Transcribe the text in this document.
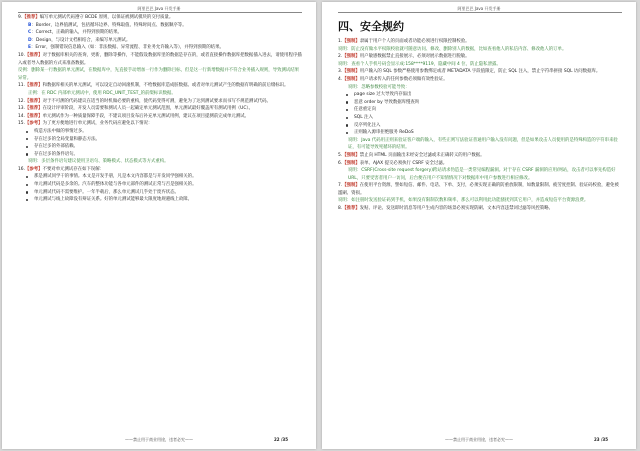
阿里巴巴 Java 开发手册

9.【推荐】编写单元测试代码遵守 BCDE 原则，以保证被测试模块的交付质量。

B：Border，边界值测试，包括循环边界、特殊取值、特殊时间点、数据顺序等。

C：Correct，正确的输入，并得到预期的结果。

D：Design，与设计文档相结合，来编写单元测试。

E：Error，强制错误信息输入（如：非法数据、异常流程、非业务允许输入等），并得到预期的结果。

10.【推荐】对于数据库相关的查询，更新，删除等操作，不能假设数据库里的数据是存在的，或者直接操作数据库把数据插入进去，请使用程序插入或者导入数据的方式来准备数据。

反例：删除某一行数据的单元测试，在数据库中，先直接手动增加一行作为删除目标，但是这一行新增数据并不符合业务插入规则，导致测试结果异常。

11.【推荐】和数据库相关的单元测试，可以设定自动回滚机制，不给数据库造成脏数据。或者对单元测试产生的数据有明确的前后缀标识。

正例：在 RDC 内部单元测试中，使用 RDC_UNIT_TEST_的前缀标识数据。

12.【推荐】对于不可测的代码建议在适当的时机做必要的重构，使代码变得可测，避免为了达到测试要求而书写不规范测试代码。

13.【推荐】在设计评审阶段，开发人员需要和测试人员一起确定单元测试范围，单元测试最好覆盖所有测试用例（UC）。

14.【推荐】单元测试作为一种质量保障手段，不建议项目发布后补充单元测试用例，建议在项目提测前完成单元测试。

15.【参考】为了更方便地进行单元测试，业务代码应避免以下情况：

构造方法中做的事情过多。

存在过多的全局变量和静态方法。

存在过多的外部依赖。

存在过多的条件语句。

说明：多层条件语句建议使用卫语句、策略模式、状态模式等方式重构。

16.【参考】不要对单元测试存在如下误解：

那是测试同学干的事情。本文是开发手册，凡是本文内容都是与开发同学强相关的。

单元测试代码是多余的。汽车的整体功能与各单元部件的测试正常与否是强相关的。

单元测试代码不需要维护。一年半载后，那么单元测试几乎处于废弃状态。

单元测试与线上故障没有辩证关系。好的单元测试能够最大限度地规避线上故障。

——禁止用于商业用途，违者必究——	22 /35
阿里巴巴 Java 开发手册
四、安全规约

1.【强制】隶属于用户个人的页面或者功能必须进行权限控制校验。

说明：防止没有做水平权限校验就可随意访问、修改、删除别人的数据，比如查看他人的私信内容、修改他人的订单。

2.【强制】用户敏感数据禁止直接展示，必须对展示数据进行脱敏。

说明：查看个人手机号码会显示成:158****9119，隐藏中间 4 位，防止隐私泄露。

3.【强制】用户输入的 SQL 参数严格使用参数绑定或者 METADATA 字段值限定，防止 SQL 注入，禁止字符串拼接 SQL 访问数据库。

4.【强制】用户请求传入的任何参数必须做有效性验证。

说明：忽略参数校验可能导致：

page size 过大导致内存溢出

恶意 order by 导致数据库慢查询

任意重定向

SQL 注入

反序列化注入

正则输入源串拒绝服务 ReDoS

说明：Java 代码用正则来验证客户端的输入，有些正则写法验证普通用户输入没有问题，但是如果攻击人员使用的是特殊构造的字符串来验证，有可能导致死循环的结果。

5.【强制】禁止向 HTML 页面输出未经安全过滤或未正确转义的用户数据。

6.【强制】表单、AJAX 提交必须执行 CSRF 安全过滤。

说明：CSRF(Cross-site request forgery)跨站请求伪造是一类常见编程漏洞。对于存在 CSRF 漏洞的应用/网站，攻击者可以事先构造好 URL，只要受害者用户一访问，后台便在用户不知情情况下对数据库中用户参数进行相应修改。

7.【强制】在使用平台资源，譬如短信、邮件、电话、下单、支付，必须实现正确的防重放限制，如数量限制、疲劳度控制、验证码校验，避免被滥刷、资损。

说明：如注册时发送验证码到手机，如果没有限制次数和频率，那么可以利用此功能骚扰到其它用户，并造成短信平台资源浪费。

8.【推荐】发贴、评论、发送即时消息等用户生成内容的场景必须实现防刷、文本内容违禁词过滤等风控策略。

——禁止用于商业用途，违者必究——	23 /35
